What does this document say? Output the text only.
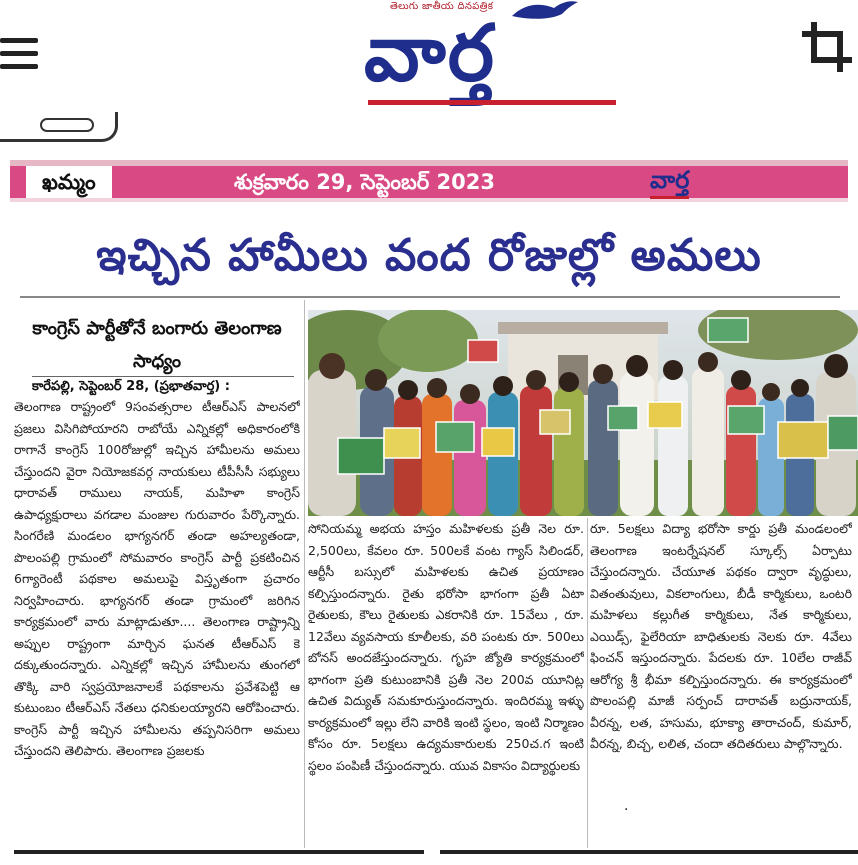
తెలుగు జాతీయ దినపత్రిక
వార్త
ఖమ్మం	శుక్రవారం 29, సెప్టెంబర్ 2023	వార్త
ఇచ్చిన హామీలు వంద రోజుల్లో అమలు
కాంగ్రెస్ పార్టీతోనే బంగారు తెలంగాణ సాధ్యం
కారేపల్లి, సెప్టెంబర్ 28, (ప్రభాతవార్త) :

తెలంగాణ రాష్ట్రంలో 9సంవత్సరాల టీఆర్ఎస్ పాలనలో ప్రజలు విసిగిపోయారని రాబోయే ఎన్నికల్లో అధికారంలోకి రాగానే కాంగ్రెస్ 100రోజుల్లో ఇచ్చిన హామీలను అమలు చేస్తుందని వైరా నియోజకవర్గ నాయకులు టీపీసీసీ సభ్యులు ధారావత్ రాములు నాయక్, మహిళా కాంగ్రెస్ ఉపాధ్యక్షురాలు వగడాల మంజుల గురువారం పేర్కొన్నారు. సింగరేణి మండలం భాగ్యనగర్ తండా అహల్యతండా, పొలంపల్లి గ్రామంలో సోమవారం కాంగ్రెస్ పార్టీ ప్రకటించిన 6గ్యారెంటీ పథకాల అమలుపై విస్తృతంగా ప్రచారం నిర్వహించారు. భాగ్యనగర్ తండా గ్రామంలో జరిగిన కార్యక్రమంలో వారు మాట్లాడుతూ.... తెలంగాణ రాష్ట్రాన్ని అప్పుల రాష్ట్రంగా మార్చిన ఘనత టీఆర్ఎస్ కె దక్కుతుందన్నారు. ఎన్నికల్లో ఇచ్చిన హామీలను తుంగలో తొక్కి వారి స్వప్రయోజనాలకే పథకాలను ప్రవేశపెట్టి ఆ కుటుంబం టీఆర్ఎస్ నేతలు ధనికులయ్యారని ఆరోపించారు. కాంగ్రెస్ పార్టీ ఇచ్చిన హామీలను తప్పనిసరిగా అమలు చేస్తుందని తెలిపారు. తెలంగాణ ప్రజలకు

సోనియమ్మ అభయ హస్తం మహిళలకు ప్రతీ నెల రూ. 2,500లు, కేవలం రూ. 500లకే వంట గ్యాస్ సిలిండర్, ఆర్టీసీ బస్సులో మహిళలకు ఉచిత ప్రయాణం కల్పిస్తుందన్నారు. రైతు భరోసా భాగంగా ప్రతీ ఏటా రైతులకు, కౌలు రైతులకు ఎకరానికి రూ. 15వేలు , రూ. 12వేలు వ్యవసాయ కూలీలకు, వరి పంటకు రూ. 500లు బోనస్ అందజేస్తుందన్నారు. గృహ జ్యోతి కార్యక్రమంలో భాగంగా ప్రతి కుటుంబానికి ప్రతీ నెల 200వ యూనిట్ల ఉచిత విద్యుత్ సమకూరుస్తుందన్నారు. ఇందిరమ్మ ఇళ్ళు కార్యక్రమంలో ఇల్లు లేని వారికి ఇంటి స్థలం, ఇంటి నిర్మాణం కోసం రూ. 5లక్షలు ఉద్యమకారులకు 250చ.గ ఇంటి స్థలం పంపిణీ చేస్తుందన్నారు. యువ వికాసం విద్యార్థులకు

రూ. 5లక్షలు విద్యా భరోసా కార్డు ప్రతీ మండలంలో తెలంగాణ ఇంటర్నేషనల్ స్కూల్స్ ఏర్పాటు చేస్తుందన్నారు. చేయూత పథకం ద్వారా వృద్ధులు, వితంతువులు, వికలాంగులు, బీడీ కార్మికులు, ఒంటరి మహిళలు కల్లుగీత కార్మికులు, నేత కార్మికులు, ఎయిడ్స్, ఫైలేరియా బాధితులకు నెలకు రూ. 4వేలు ఫించన్ ఇస్తుందన్నారు. పేదలకు రూ. 10లేల రాజీవ్ ఆరోగ్య శ్రీ భీమా కల్పిస్తుందన్నారు. ఈ కార్యక్రమంలో పొలంపల్లి మాజీ సర్పంచ్ దారావత్ బద్రునాయక్, వీరన్న, లత, హసుమ, భూక్యా తారాచంద్, కుమార్, వీరన్న, బిచ్చ, లలిత, చందా తదితరులు పాల్గొన్నారు.

.
